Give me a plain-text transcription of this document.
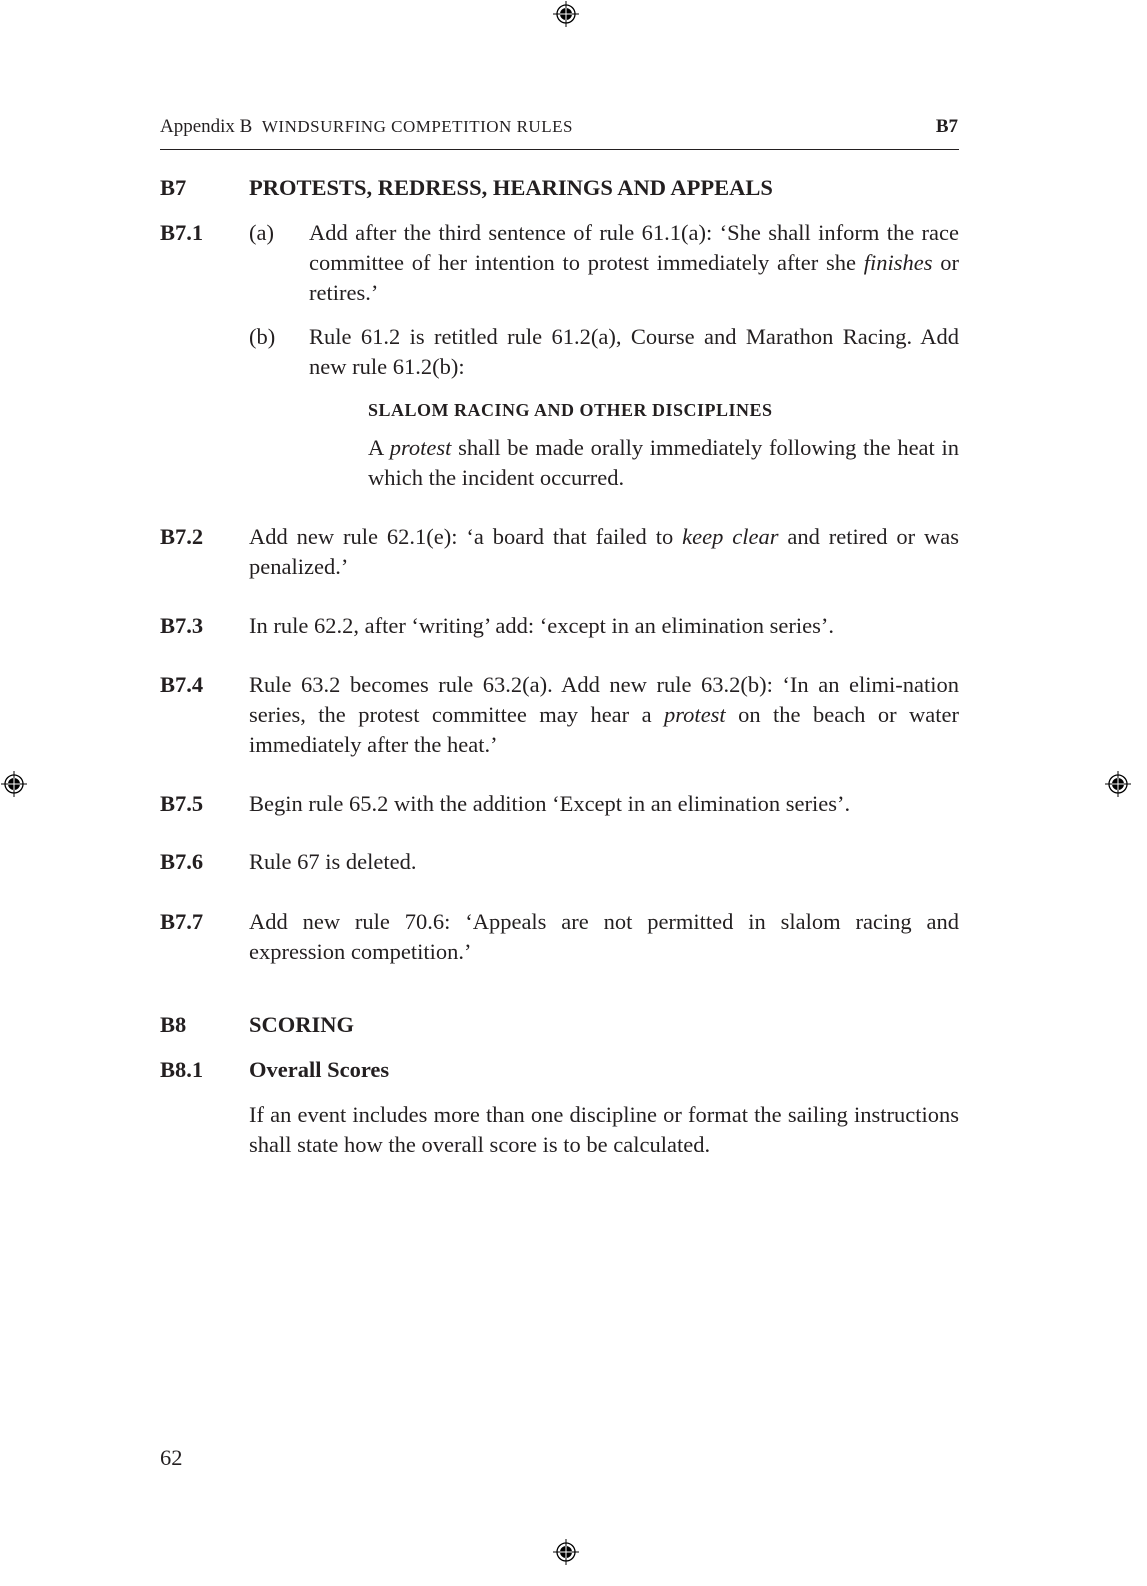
Appendix B WINDSURFING COMPETITION RULES	B7
B7	PROTESTS, REDRESS, HEARINGS AND APPEALS
B7.1 (a) Add after the third sentence of rule 61.1(a): ‘She shall inform the race committee of her intention to protest immediately after she finishes or retires.’
(b) Rule 61.2 is retitled rule 61.2(a), Course and Marathon Racing. Add new rule 61.2(b):
SLALOM RACING AND OTHER DISCIPLINES
A protest shall be made orally immediately following the heat in which the incident occurred.
B7.2 Add new rule 62.1(e): ‘a board that failed to keep clear and retired or was penalized.’
B7.3 In rule 62.2, after ‘writing’ add: ‘except in an elimination series’.
B7.4 Rule 63.2 becomes rule 63.2(a). Add new rule 63.2(b): ‘In an elimi-nation series, the protest committee may hear a protest on the beach or water immediately after the heat.’
B7.5 Begin rule 65.2 with the addition ‘Except in an elimination series’.
B7.6 Rule 67 is deleted.
B7.7 Add new rule 70.6: ‘Appeals are not permitted in slalom racing and expression competition.’
B8	SCORING
B8.1 Overall Scores
If an event includes more than one discipline or format the sailing instructions shall state how the overall score is to be calculated.
62
